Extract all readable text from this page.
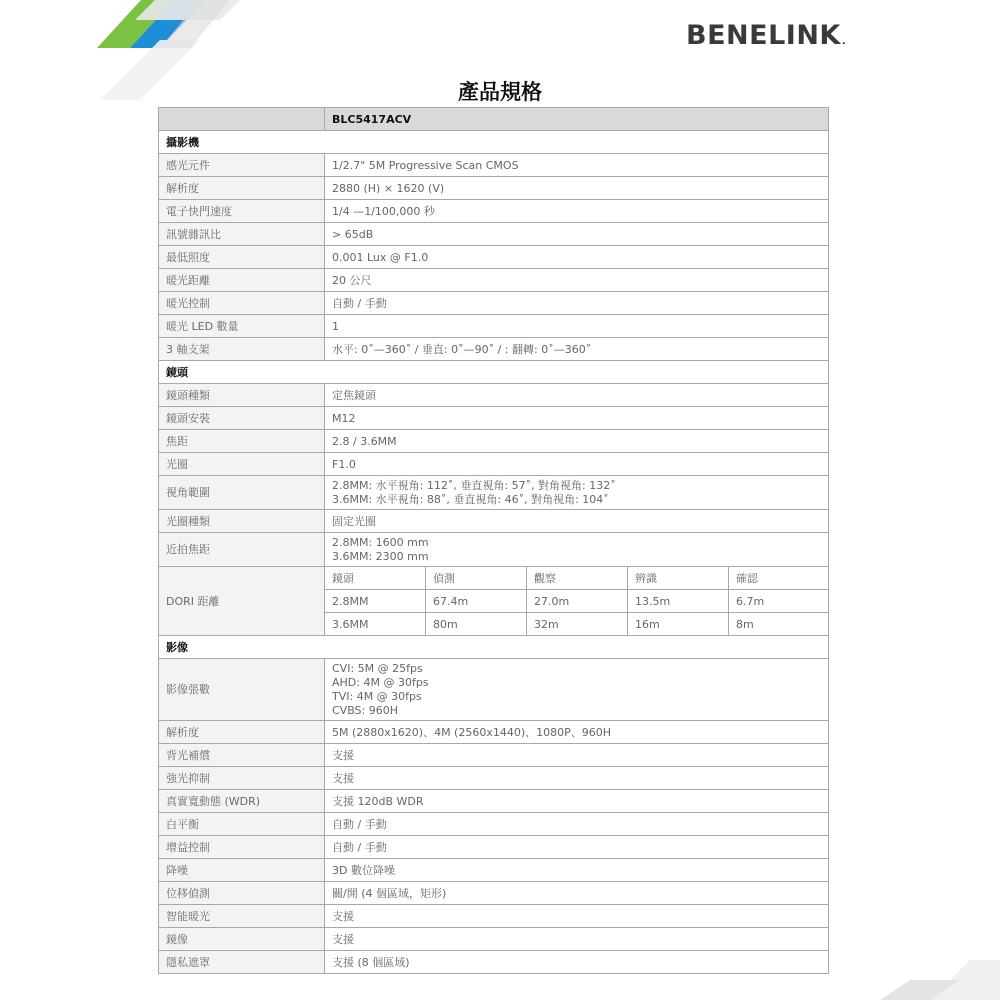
BENELINK.
產品規格
	BLC5417ACV				
攝影機					
感光元件	1/2.7" 5M Progressive Scan CMOS				
解析度	2880 (H) × 1620 (V)				
電子快門速度	1/4 —1/100,000 秒				
訊號雜訊比	> 65dB				
最低照度	0.001 Lux @ F1.0				
暖光距離	20 公尺				
暖光控制	自動 / 手動				
暖光 LED 數量	1				
3 軸支架	水平: 0˚—360˚ / 垂直: 0˚—90˚ / : 翻轉: 0˚—360˚				
鏡頭					
鏡頭種類	定焦鏡頭				
鏡頭安裝	M12				
焦距	2.8 / 3.6MM				
光圈	F1.0				
視角範圍	2.8MM: 水平視角: 112˚, 垂直視角: 57˚, 對角視角: 132˚
3.6MM: 水平視角: 88˚, 垂直視角: 46˚, 對角視角: 104˚				

光圈種類	固定光圈				
近拍焦距	2.8MM: 1600 mm
3.6MM: 2300 mm				

DORI 距離	鏡頭	偵測	觀察	辨識	確認
	2.8MM	67.4m	27.0m	13.5m	6.7m
	3.6MM	80m	32m	16m	8m
影像					
影像張數	CVI: 5M @ 25fps
AHD: 4M @ 30fps
TVI: 4M @ 30fps
CVBS: 960H				

解析度	5M (2880x1620)、4M (2560x1440)、1080P、960H				
背光補償	支援				
強光抑制	支援				
真實寬動態 (WDR)	支援 120dB WDR				
白平衡	自動 / 手動				
增益控制	自動 / 手動				
降噪	3D 數位降噪				
位移偵測	關/開 (4 個區域，矩形)				
智能暖光	支援				
鏡像	支援				
隱私遮罩	支援 (8 個區域)				
